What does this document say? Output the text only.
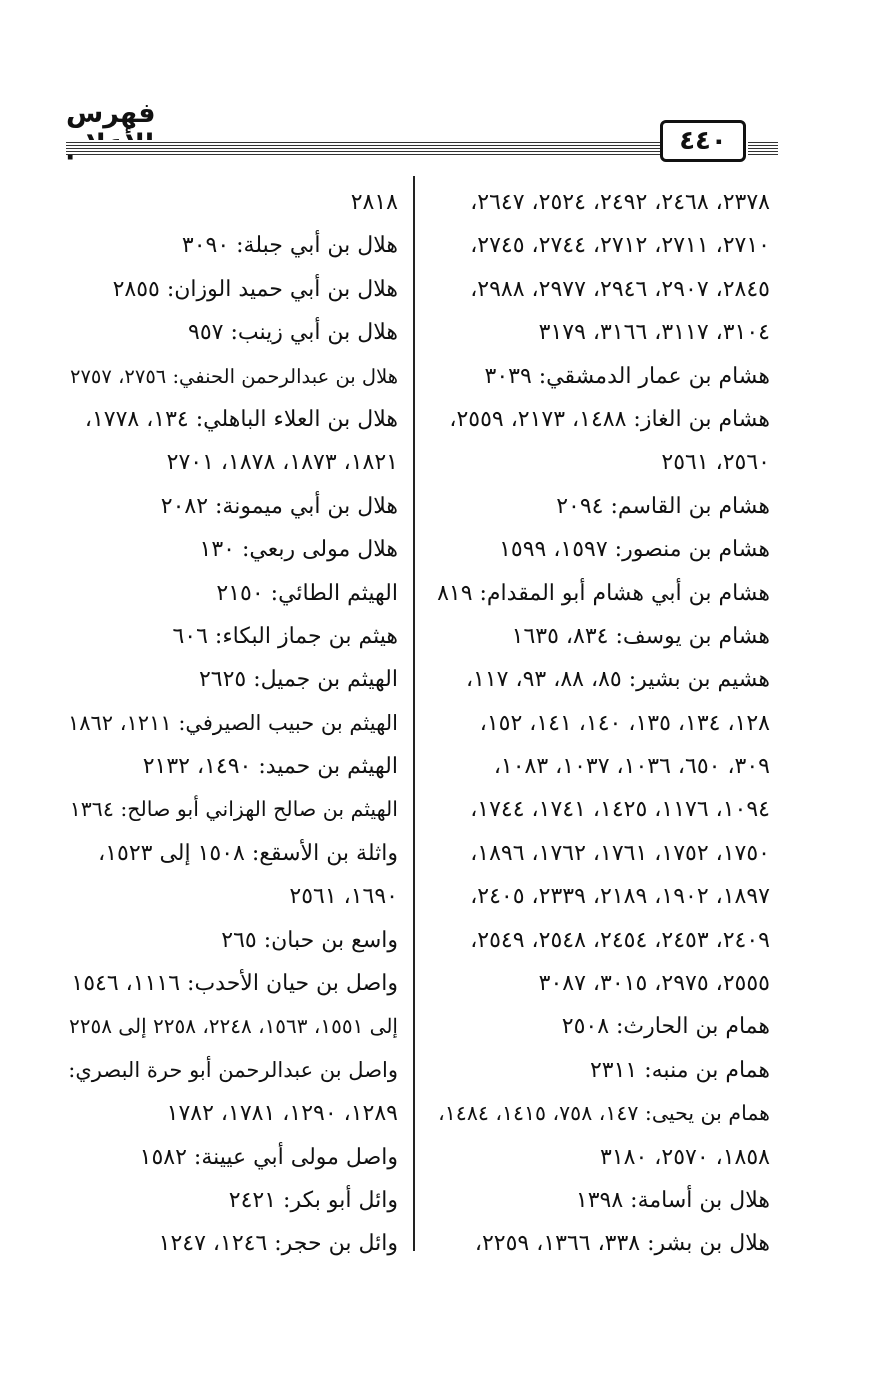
فهرس
٤٤٠
٢٣٧٨، ٢٤٦٨، ٢٤٩٢، ٢٥٢٤، ٢٦٤٧،
٢٧١٠، ٢٧١١، ٢٧١٢، ٢٧٤٤، ٢٧٤٥،
٢٨٤٥، ٢٩٠٧، ٢٩٤٦، ٢٩٧٧، ٢٩٨٨،
٣١٠٤، ٣١١٧، ٣١٦٦، ٣١٧٩
هشام بن عمار الدمشقي: ٣٠٣٩
هشام بن الغاز: ١٤٨٨، ٢١٧٣، ٢٥٥٩،
٢٥٦٠، ٢٥٦١
هشام بن القاسم: ٢٠٩٤
هشام بن منصور: ١٥٩٧، ١٥٩٩
هشام بن أبي هشام أبو المقدام: ٨١٩
هشام بن يوسف: ٨٣٤، ١٦٣٥
هشيم بن بشير: ٨٥، ٨٨، ٩٣، ١١٧،
١٢٨، ١٣٤، ١٣٥، ١٤٠، ١٤١، ١٥٢،
٣٠٩، ٦٥٠، ١٠٣٦، ١٠٣٧، ١٠٨٣،
١٠٩٤، ١١٧٦، ١٤٢٥، ١٧٤١، ١٧٤٤،
١٧٥٠، ١٧٥٢، ١٧٦١، ١٧٦٢، ١٨٩٦،
١٨٩٧، ١٩٠٢، ٢١٨٩، ٢٣٣٩، ٢٤٠٥،
٢٤٠٩، ٢٤٥٣، ٢٤٥٤، ٢٥٤٨، ٢٥٤٩،
٢٥٥٥، ٢٩٧٥، ٣٠١٥، ٣٠٨٧
همام بن الحارث: ٢٥٠٨
همام بن منبه: ٢٣١١
همام بن يحيى: ١٤٧، ٧٥٨، ١٤١٥، ١٤٨٤،
١٨٥٨، ٢٥٧٠، ٣١٨٠
هلال بن أسامة: ١٣٩٨
هلال بن بشر: ٣٣٨، ١٣٦٦، ٢٢٥٩،
٢٨١٨
هلال بن أبي جبلة: ٣٠٩٠
هلال بن أبي حميد الوزان: ٢٨٥٥
هلال بن أبي زينب: ٩٥٧
هلال بن عبدالرحمن الحنفي: ٢٧٥٦، ٢٧٥٧
هلال بن العلاء الباهلي: ١٣٤، ١٧٧٨،
١٨٢١، ١٨٧٣، ١٨٧٨، ٢٧٠١
هلال بن أبي ميمونة: ٢٠٨٢
هلال مولى ربعي: ١٣٠
الهيثم الطائي: ٢١٥٠
هيثم بن جماز البكاء: ٦٠٦
الهيثم بن جميل: ٢٦٢٥
الهيثم بن حبيب الصيرفي: ١٢١١، ١٨٦٢
الهيثم بن حميد: ١٤٩٠، ٢١٣٢
الهيثم بن صالح الهزاني أبو صالح: ١٣٦٤
واثلة بن الأسقع: ١٥٠٨ إلى ١٥٢٣،
١٦٩٠، ٢٥٦١
واسع بن حبان: ٢٦٥
واصل بن حيان الأحدب: ١١١٦، ١٥٤٦
إلى ١٥٥١، ١٥٦٣، ٢٢٤٨، ٢٢٥٨ إلى ٢٢٥٨
واصل بن عبدالرحمن أبو حرة البصري:
١٢٨٩، ١٢٩٠، ١٧٨١، ١٧٨٢
واصل مولى أبي عيينة: ١٥٨٢
وائل أبو بكر: ٢٤٢١
وائل بن حجر: ١٢٤٦، ١٢٤٧
